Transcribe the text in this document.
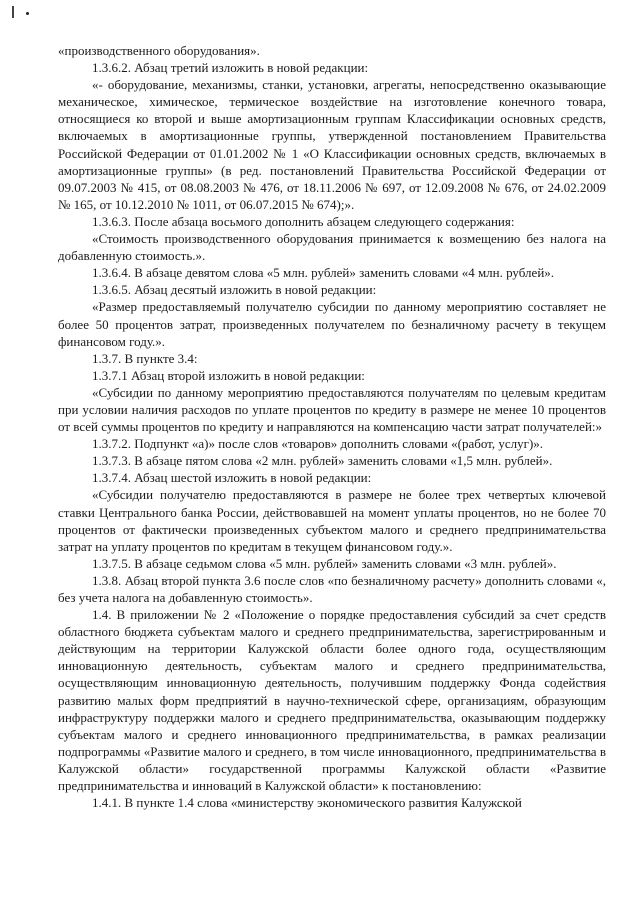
«производственного оборудования».

1.3.6.2. Абзац третий изложить в новой редакции:

«- оборудование, механизмы, станки, установки, агрегаты, непосредственно оказывающие механическое, химическое, термическое воздействие на изготовление конечного товара, относящиеся ко второй и выше амортизационным группам Классификации основных средств, включаемых в амортизационные группы, утвержденной постановлением Правительства Российской Федерации от 01.01.2002 № 1 «О Классификации основных средств, включаемых в амортизационные группы» (в ред. постановлений Правительства Российской Федерации от 09.07.2003 № 415, от 08.08.2003 № 476, от 18.11.2006 № 697, от 12.09.2008 № 676, от 24.02.2009 № 165, от 10.12.2010 № 1011, от 06.07.2015 № 674);».

1.3.6.3. После абзаца восьмого дополнить абзацем следующего содержания:

«Стоимость производственного оборудования принимается к возмещению без налога на добавленную стоимость.».

1.3.6.4. В абзаце девятом слова «5 млн. рублей» заменить словами «4 млн. рублей».

1.3.6.5. Абзац десятый изложить в новой редакции:

«Размер предоставляемый получателю субсидии по данному мероприятию составляет не более 50 процентов затрат, произведенных получателем по безналичному расчету в текущем финансовом году.».

1.3.7. В пункте 3.4:

1.3.7.1 Абзац второй изложить в новой редакции:

«Субсидии по данному мероприятию предоставляются получателям по целевым кредитам при условии наличия расходов по уплате процентов по кредиту в размере не менее 10 процентов от всей суммы процентов по кредиту и направляются на компенсацию части затрат получателей:»

1.3.7.2. Подпункт «а)» после слов «товаров» дополнить словами «(работ, услуг)».

1.3.7.3. В абзаце пятом слова «2 млн. рублей» заменить словами «1,5 млн. рублей».

1.3.7.4. Абзац шестой изложить в новой редакции:

«Субсидии получателю предоставляются в размере не более трех четвертых ключевой ставки Центрального банка России, действовавшей на момент уплаты процентов, но не более 70 процентов от фактически произведенных субъектом малого и среднего предпринимательства затрат на уплату процентов по кредитам в текущем финансовом году.».

1.3.7.5. В абзаце седьмом слова «5 млн. рублей» заменить словами «3 млн. рублей».

1.3.8. Абзац второй пункта 3.6 после слов «по безналичному расчету» дополнить словами «, без учета налога на добавленную стоимость».

1.4. В приложении № 2 «Положение о порядке предоставления субсидий за счет средств областного бюджета субъектам малого и среднего предпринимательства, зарегистрированным и действующим на территории Калужской области более одного года, осуществляющим инновационную деятельность, субъектам малого и среднего предпринимательства, осуществляющим инновационную деятельность, получившим поддержку Фонда содействия развитию малых форм предприятий в научно-технической сфере, организациям, образующим инфраструктуру поддержки малого и среднего предпринимательства, оказывающим поддержку субъектам малого и среднего инновационного предпринимательства, в рамках реализации подпрограммы «Развитие малого и среднего, в том числе инновационного, предпринимательства в Калужской области» государственной программы Калужской области «Развитие предпринимательства и инноваций в Калужской области» к постановлению:

1.4.1. В пункте 1.4 слова «министерству экономического развития Калужской
